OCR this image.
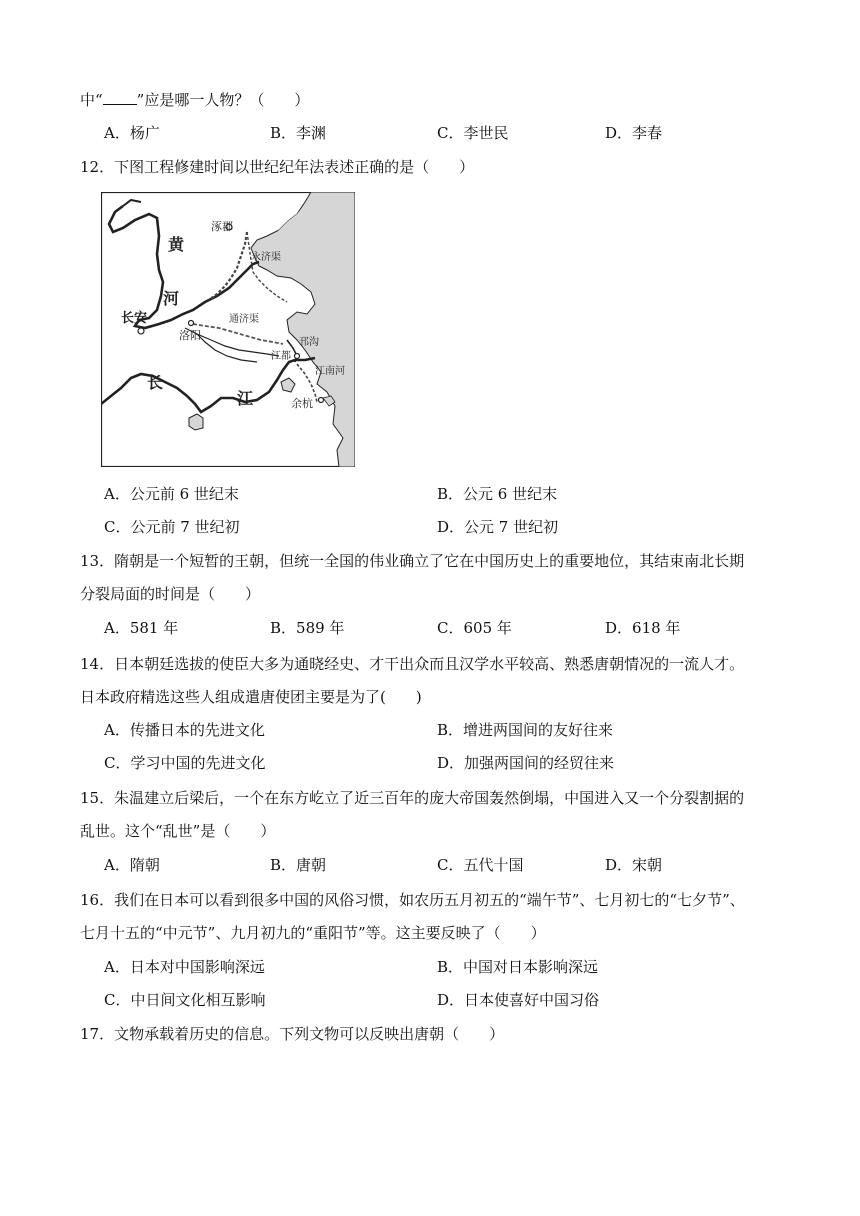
中“ ”应是哪一人物？（　　）
A．杨广	B．李渊	C．李世民	D．李春
12．下图工程修建时间以世纪纪年法表述正确的是（　　）
涿郡
永济渠
黄
河
长安
洛阳
通济渠
邗沟
江都
江南河
余杭
长
江
A．公元前 6 世纪末	B．公元 6 世纪末
C．公元前 7 世纪初	D．公元 7 世纪初
13．隋朝是一个短暂的王朝，但统一全国的伟业确立了它在中国历史上的重要地位，其结束南北长期
分裂局面的时间是（　　）
A．581 年	B．589 年	C．605 年	D．618 年
14．日本朝廷选拔的使臣大多为通晓经史、才干出众而且汉学水平较高、熟悉唐朝情况的一流人才。
日本政府精选这些人组成遣唐使团主要是为了(　　)
A．传播日本的先进文化	B．增进两国间的友好往来
C．学习中国的先进文化	D．加强两国间的经贸往来
15．朱温建立后梁后，一个在东方屹立了近三百年的庞大帝国轰然倒塌，中国进入又一个分裂割据的
乱世。这个“乱世”是（　　）
A．隋朝	B．唐朝	C．五代十国	D．宋朝
16．我们在日本可以看到很多中国的风俗习惯，如农历五月初五的“端午节”、七月初七的“七夕节”、
七月十五的“中元节”、九月初九的“重阳节”等。这主要反映了（　　）
A．日本对中国影响深远	B．中国对日本影响深远
C．中日间文化相互影响	D．日本使喜好中国习俗
17．文物承载着历史的信息。下列文物可以反映出唐朝（　　）
